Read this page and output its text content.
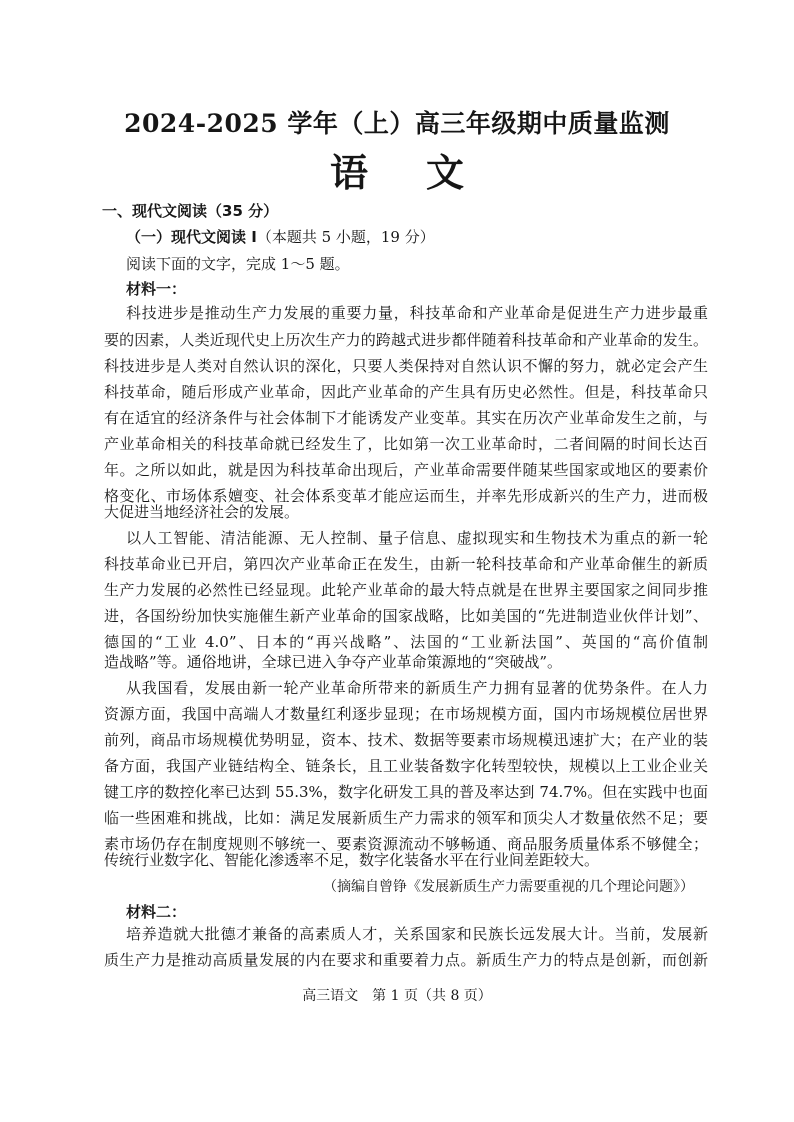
2024-2025 学年（上）高三年级期中质量监测
语文
一、现代文阅读（35 分）
（一）现代文阅读 I（本题共 5 小题，19 分）
阅读下面的文字，完成 1～5 题。
材料一：
科技进步是推动生产力发展的重要力量，科技革命和产业革命是促进生产力进步最重
要的因素，人类近现代史上历次生产力的跨越式进步都伴随着科技革命和产业革命的发生。
科技进步是人类对自然认识的深化，只要人类保持对自然认识不懈的努力，就必定会产生
科技革命，随后形成产业革命，因此产业革命的产生具有历史必然性。但是，科技革命只
有在适宜的经济条件与社会体制下才能诱发产业变革。其实在历次产业革命发生之前，与
产业革命相关的科技革命就已经发生了，比如第一次工业革命时，二者间隔的时间长达百
年。之所以如此，就是因为科技革命出现后，产业革命需要伴随某些国家或地区的要素价
格变化、市场体系嬗变、社会体系变革才能应运而生，并率先形成新兴的生产力，进而极
大促进当地经济社会的发展。
以人工智能、清洁能源、无人控制、量子信息、虚拟现实和生物技术为重点的新一轮
科技革命业已开启，第四次产业革命正在发生，由新一轮科技革命和产业革命催生的新质
生产力发展的必然性已经显现。此轮产业革命的最大特点就是在世界主要国家之间同步推
进，各国纷纷加快实施催生新产业革命的国家战略，比如美国的“先进制造业伙伴计划”、
德国的“工业 4.0”、日本的“再兴战略”、法国的“工业新法国”、英国的“高价值制
造战略”等。通俗地讲，全球已进入争夺产业革命策源地的“突破战”。
从我国看，发展由新一轮产业革命所带来的新质生产力拥有显著的优势条件。在人力
资源方面，我国中高端人才数量红利逐步显现；在市场规模方面，国内市场规模位居世界
前列，商品市场规模优势明显，资本、技术、数据等要素市场规模迅速扩大；在产业的装
备方面，我国产业链结构全、链条长，且工业装备数字化转型较快，规模以上工业企业关
键工序的数控化率已达到 55.3%，数字化研发工具的普及率达到 74.7%。但在实践中也面
临一些困难和挑战，比如：满足发展新质生产力需求的领军和顶尖人才数量依然不足；要
素市场仍存在制度规则不够统一、要素资源流动不够畅通、商品服务质量体系不够健全；
传统行业数字化、智能化渗透率不足，数字化装备水平在行业间差距较大。
（摘编自曾铮《发展新质生产力需要重视的几个理论问题》）
材料二：
培养造就大批德才兼备的高素质人才，关系国家和民族长远发展大计。当前，发展新
质生产力是推动高质量发展的内在要求和重要着力点。新质生产力的特点是创新，而创新
高三语文　第 1 页（共 8 页）
